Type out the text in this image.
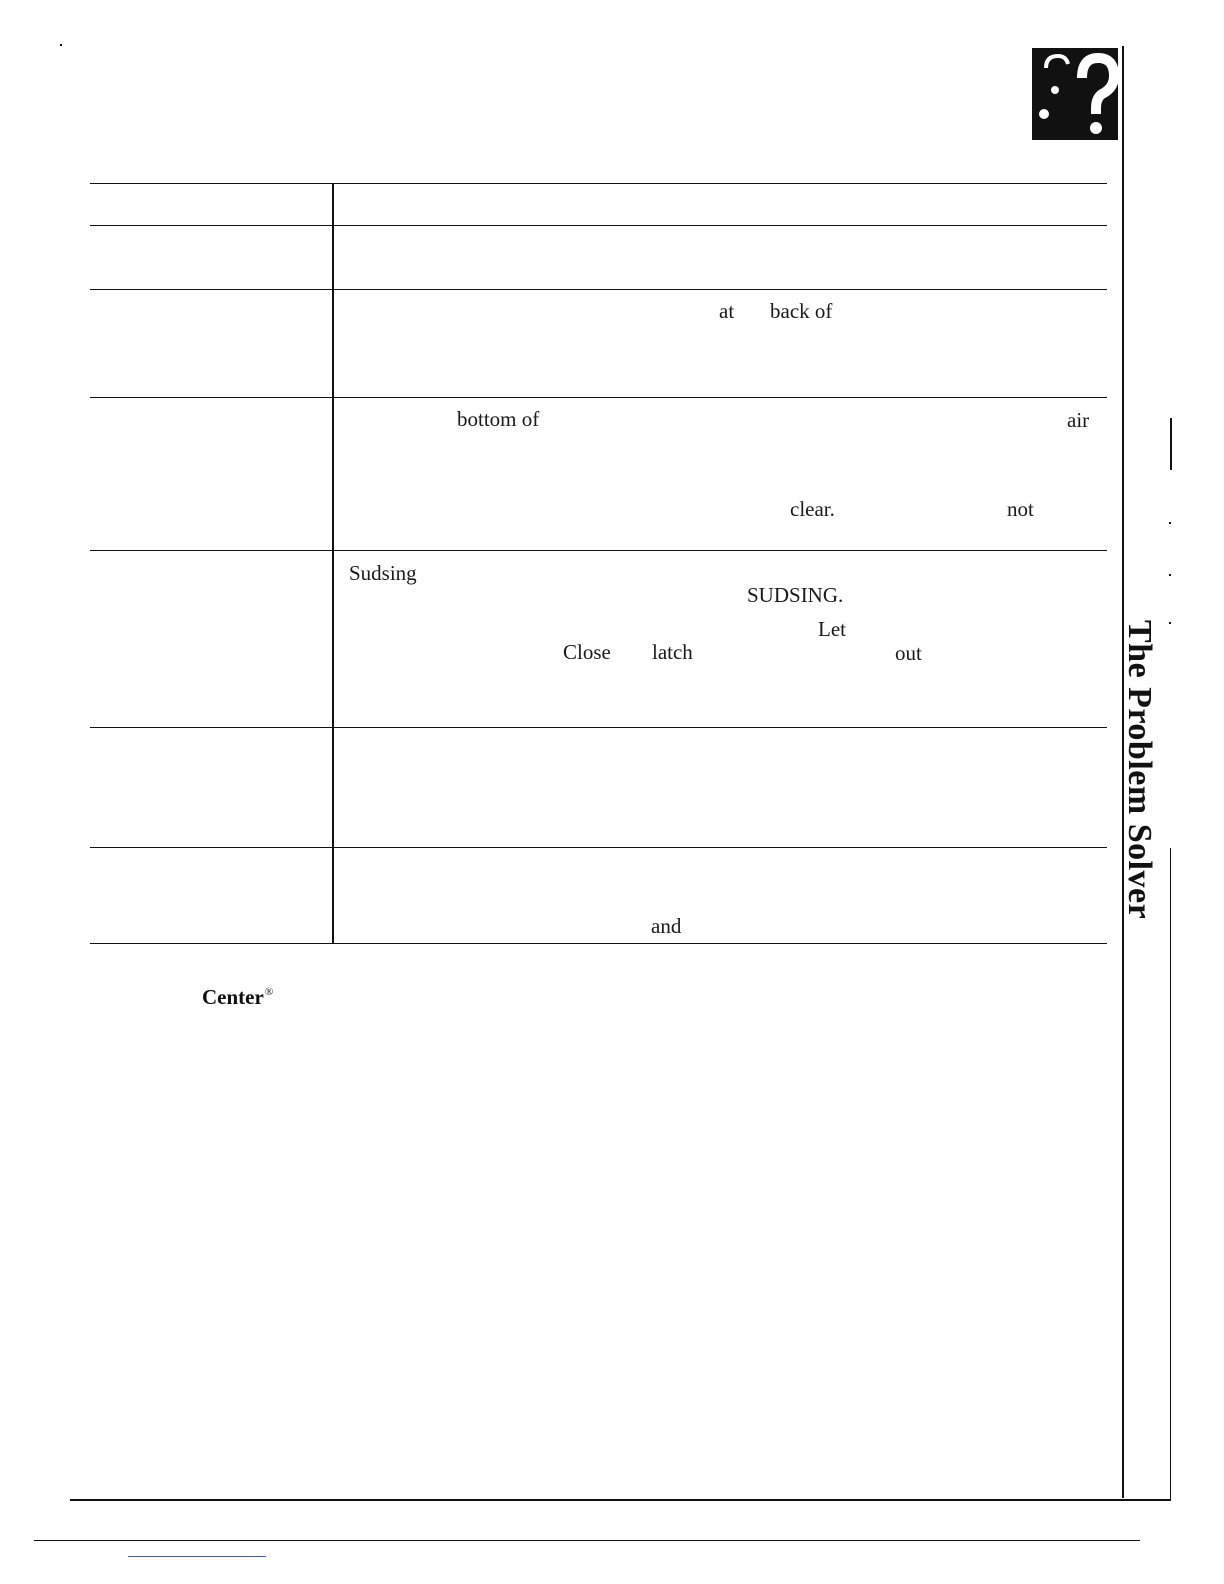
The Problem Solver
at back of
bottom of	air
clear.	not
Sudsing
SUDSING.
Let
Close latch	out
and
Center®
